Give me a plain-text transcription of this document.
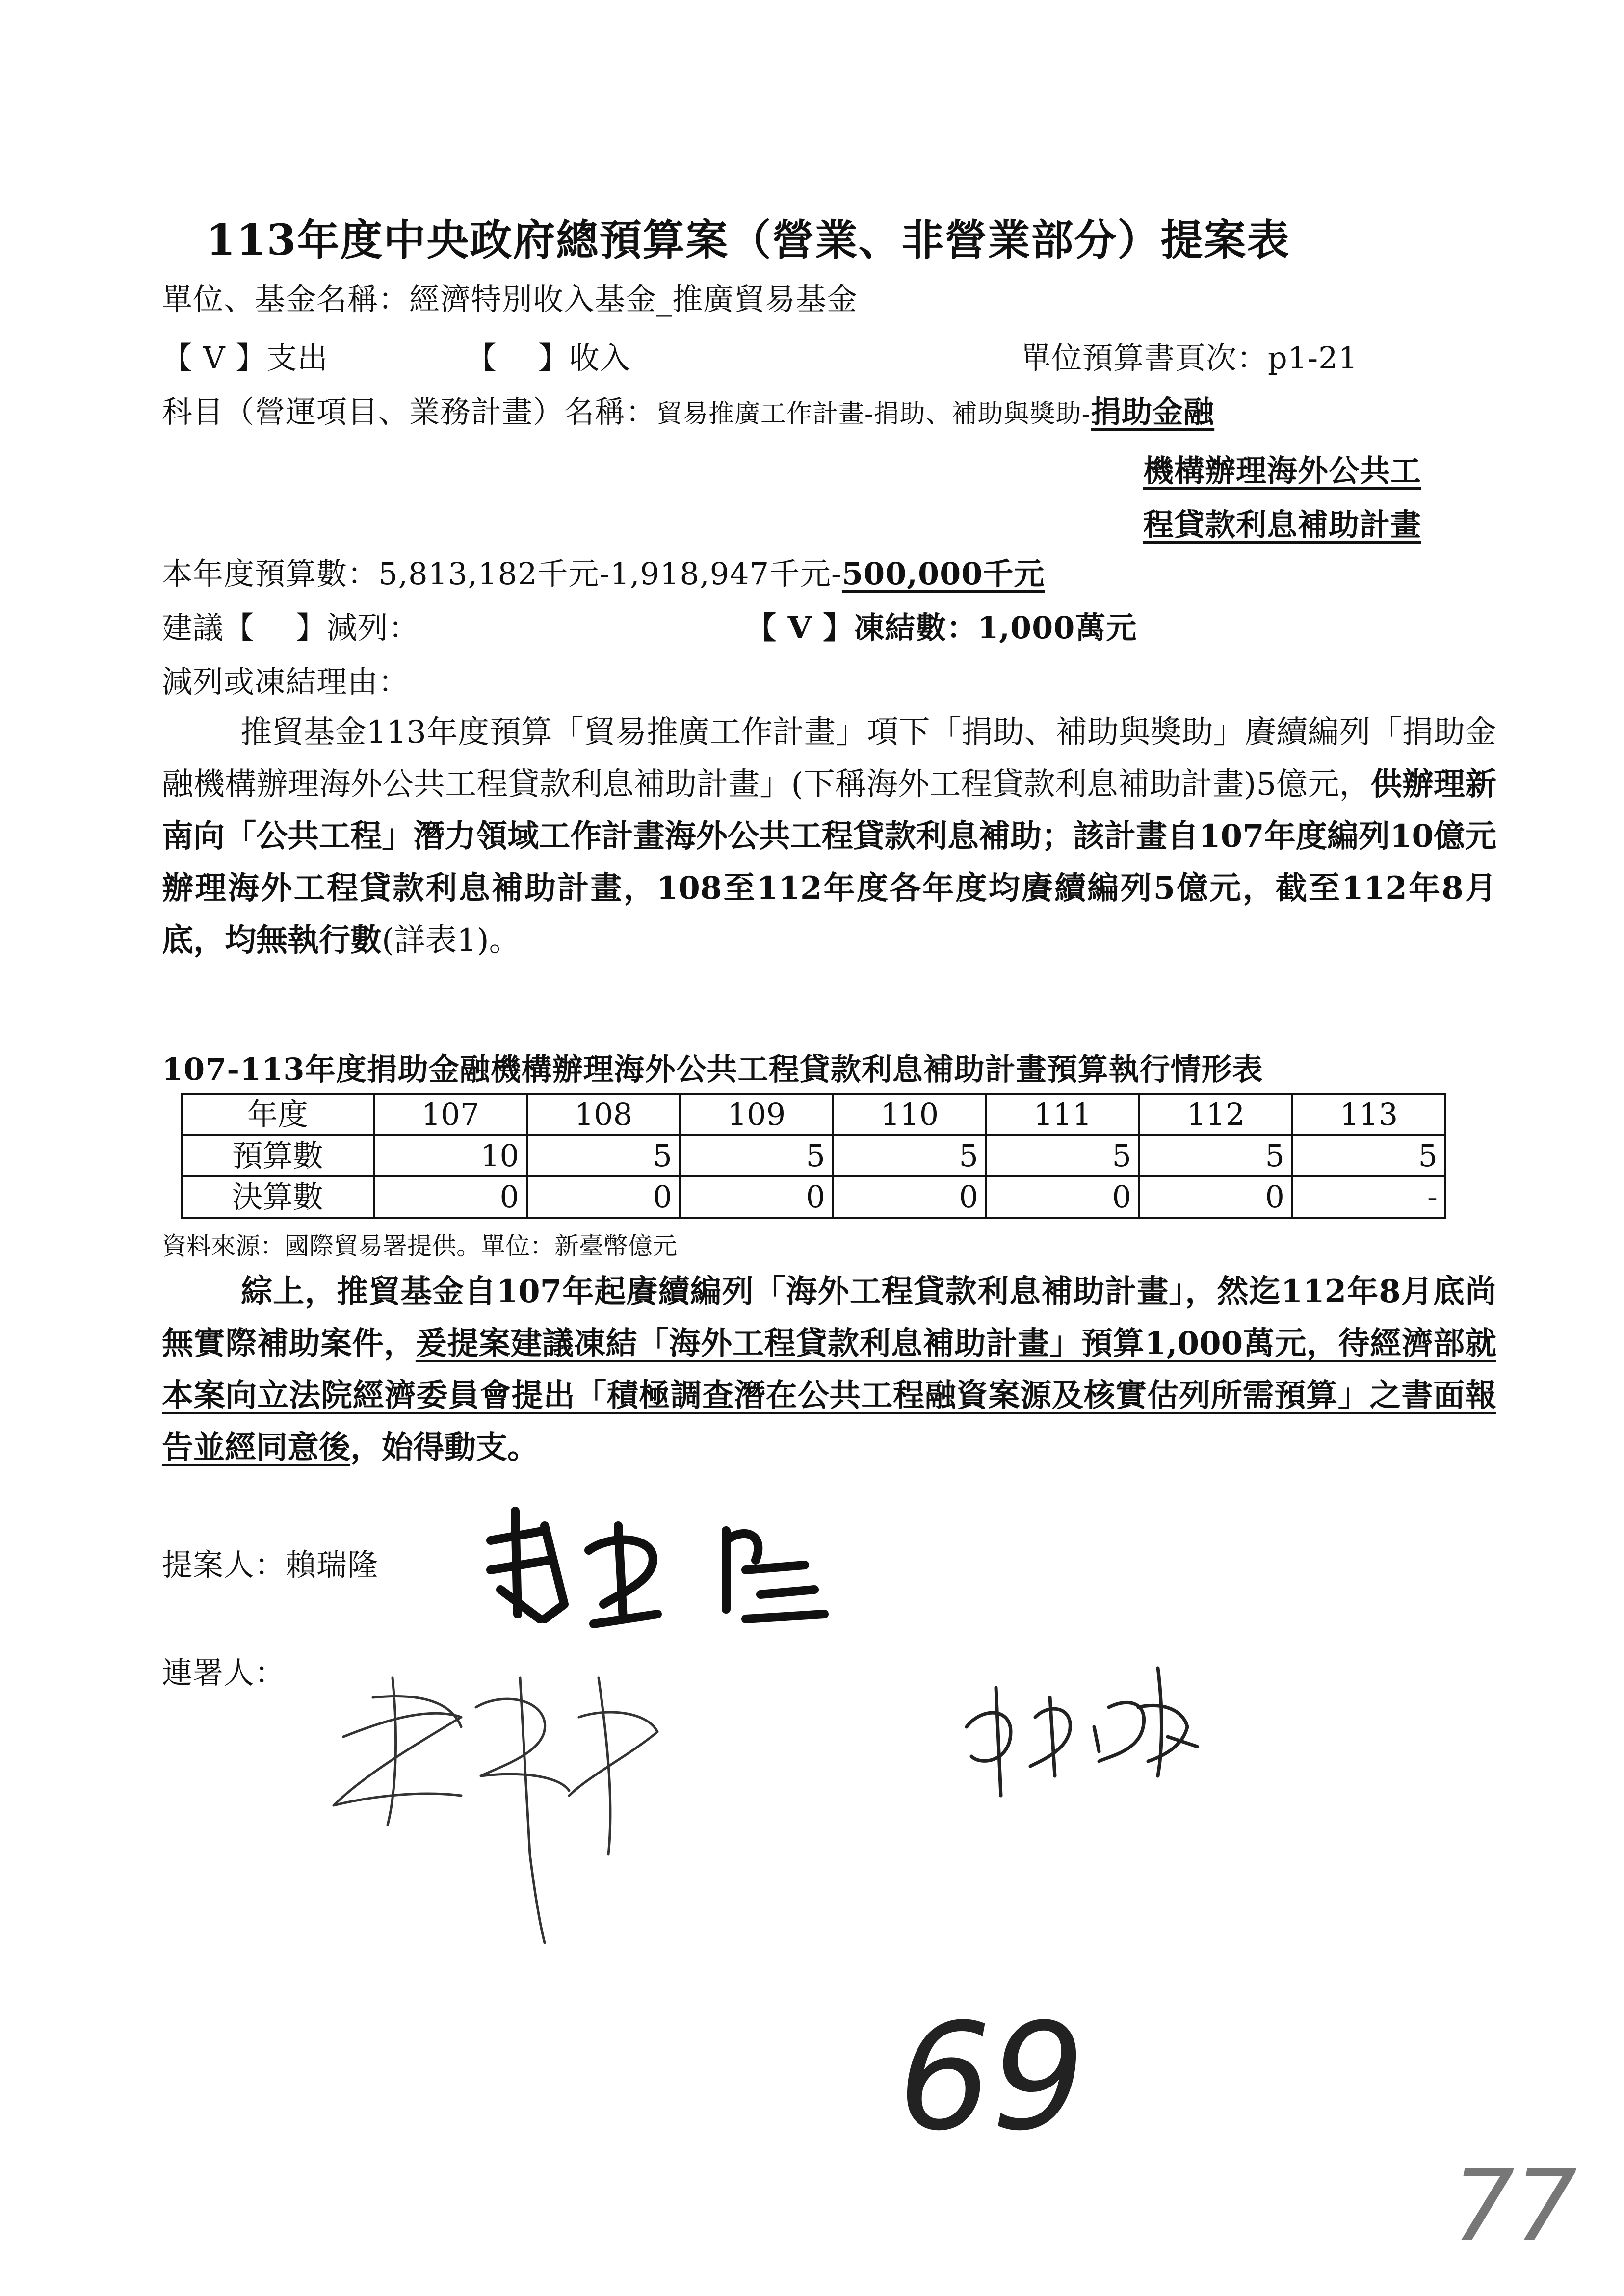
113年度中央政府總預算案（營業、非營業部分）提案表
單位、基金名稱：經濟特別收入基金_推廣貿易基金
【 V 】支出	【　 】收入	單位預算書頁次：p1-21
科目（營運項目、業務計畫）名稱：貿易推廣工作計畫-捐助、補助與獎助-捐助金融
機構辦理海外公共工
程貸款利息補助計畫
本年度預算數：5,813,182千元-1,918,947千元-500,000千元
建議【　 】減列：	【 V 】凍結數：1,000萬元
減列或凍結理由：

推貿基金113年度預算「貿易推廣工作計畫」項下「捐助、補助與獎助」賡續編列「捐助金融機構辦理海外公共工程貸款利息補助計畫」(下稱海外工程貸款利息補助計畫)5億元，供辦理新南向「公共工程」潛力領域工作計畫海外公共工程貸款利息補助；該計畫自107年度編列10億元辦理海外工程貸款利息補助計畫，108至112年度各年度均賡續編列5億元，截至112年8月底，均無執行數(詳表1)。

107-113年度捐助金融機構辦理海外公共工程貸款利息補助計畫預算執行情形表
年度	107	108	109	110	111	112	113
預算數	10	5	5	5	5	5	5
決算數	0	0	0	0	0	0	-
資料來源：國際貿易署提供。單位：新臺幣億元

綜上，推貿基金自107年起賡續編列「海外工程貸款利息補助計畫」，然迄112年8月底尚無實際補助案件，爰提案建議凍結「海外工程貸款利息補助計畫」預算1,000萬元，待經濟部就本案向立法院經濟委員會提出「積極調查潛在公共工程融資案源及核實估列所需預算」之書面報告並經同意後，始得動支。

提案人：賴瑞隆
連署人：
69
77
